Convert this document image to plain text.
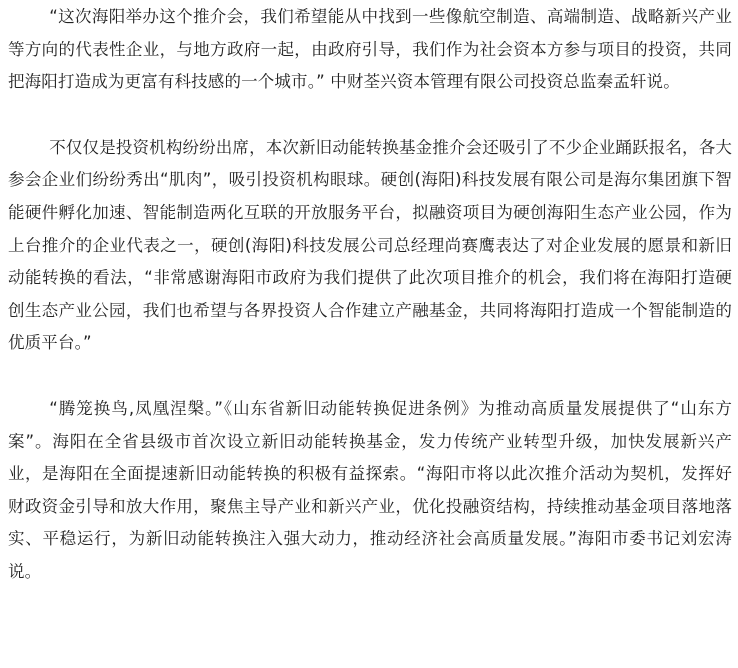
“这次海阳举办这个推介会，我们希望能从中找到一些像航空制造、高端制造、战略新兴产业等方向的代表性企业，与地方政府一起，由政府引导，我们作为社会资本方参与项目的投资，共同把海阳打造成为更富有科技感的一个城市。” 中财荃兴资本管理有限公司投资总监秦孟轩说。

不仅仅是投资机构纷纷出席，本次新旧动能转换基金推介会还吸引了不少企业踊跃报名，各大参会企业们纷纷秀出“肌肉”，吸引投资机构眼球。硬创(海阳)科技发展有限公司是海尔集团旗下智能硬件孵化加速、智能制造两化互联的开放服务平台，拟融资项目为硬创海阳生态产业公园，作为上台推介的企业代表之一，硬创(海阳)科技发展公司总经理尚赛鹰表达了对企业发展的愿景和新旧动能转换的看法，“非常感谢海阳市政府为我们提供了此次项目推介的机会，我们将在海阳打造硬创生态产业公园，我们也希望与各界投资人合作建立产融基金，共同将海阳打造成一个智能制造的优质平台。”

“腾笼换鸟,凤凰涅槃。”《山东省新旧动能转换促进条例》为推动高质量发展提供了“山东方案”。海阳在全省县级市首次设立新旧动能转换基金，发力传统产业转型升级，加快发展新兴产业，是海阳在全面提速新旧动能转换的积极有益探索。“海阳市将以此次推介活动为契机，发挥好财政资金引导和放大作用，聚焦主导产业和新兴产业，优化投融资结构，持续推动基金项目落地落实、平稳运行，为新旧动能转换注入强大动力，推动经济社会高质量发展。”海阳市委书记刘宏涛说。
